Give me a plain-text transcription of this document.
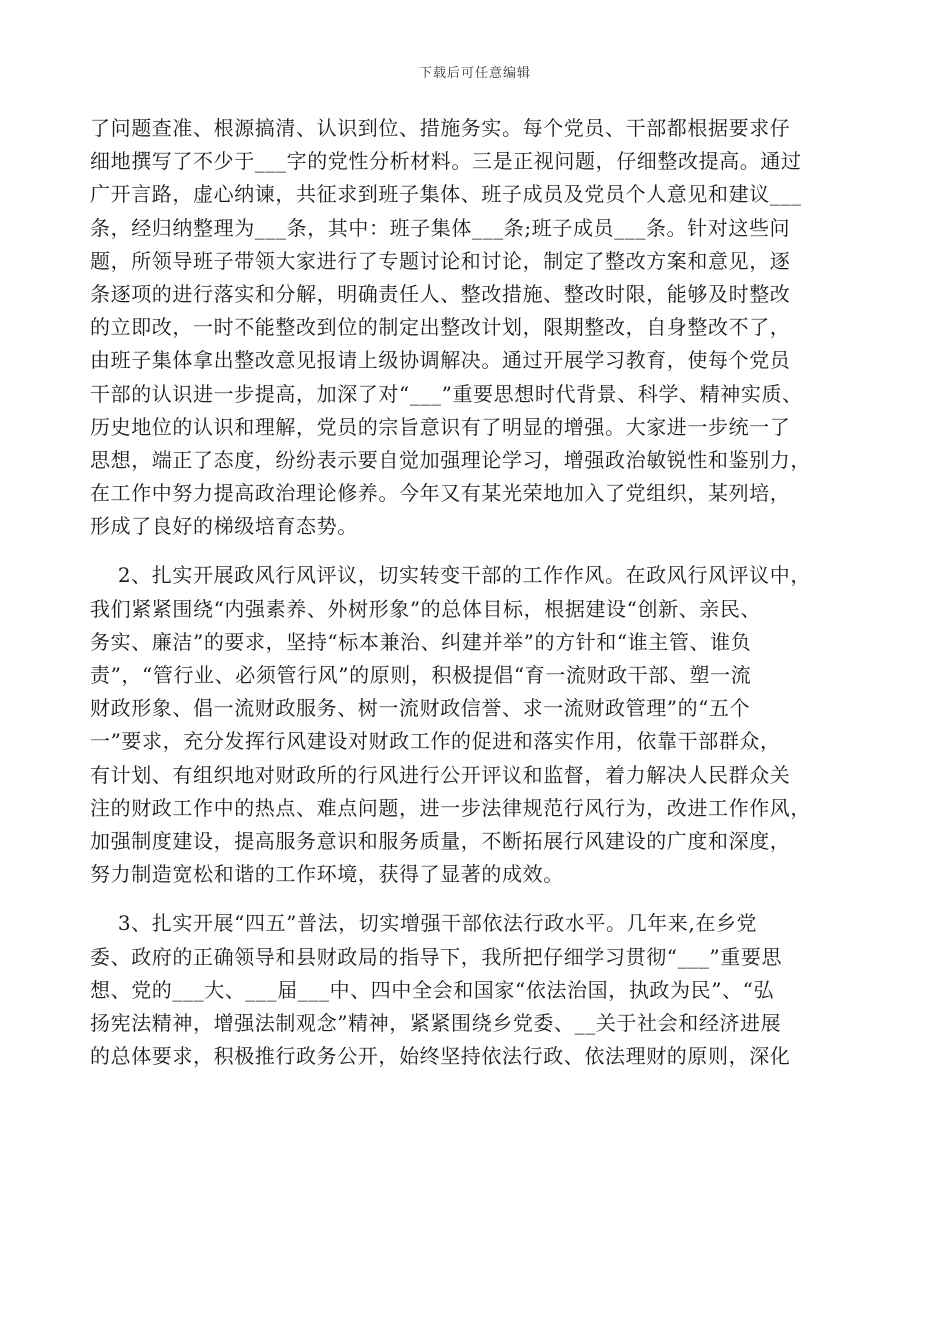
下载后可任意编辑
了问题查准、根源搞清、认识到位、措施务实。每个党员、干部都根据要求仔
细地撰写了不少于___字的党性分析材料。三是正视问题，仔细整改提高。通过
广开言路，虚心纳谏，共征求到班子集体、班子成员及党员个人意见和建议___
条，经归纳整理为___条，其中：班子集体___条;班子成员___条。针对这些问
题，所领导班子带领大家进行了专题讨论和讨论，制定了整改方案和意见，逐
条逐项的进行落实和分解，明确责任人、整改措施、整改时限，能够及时整改
的立即改，一时不能整改到位的制定出整改计划，限期整改，自身整改不了，
由班子集体拿出整改意见报请上级协调解决。通过开展学习教育，使每个党员
干部的认识进一步提高，加深了对“___”重要思想时代背景、科学、精神实质、
历史地位的认识和理解，党员的宗旨意识有了明显的增强。大家进一步统一了
思想，端正了态度，纷纷表示要自觉加强理论学习，增强政治敏锐性和鉴别力，
在工作中努力提高政治理论修养。今年又有某光荣地加入了党组织，某列培，
形成了良好的梯级培育态势。
2、扎实开展政风行风评议，切实转变干部的工作作风。在政风行风评议中，
我们紧紧围绕“内强素养、外树形象”的总体目标，根据建设“创新、亲民、
务实、廉洁”的要求，坚持“标本兼治、纠建并举”的方针和“谁主管、谁负
责”，“管行业、必须管行风”的原则，积极提倡“育一流财政干部、塑一流
财政形象、倡一流财政服务、树一流财政信誉、求一流财政管理”的“五个
一”要求，充分发挥行风建设对财政工作的促进和落实作用，依靠干部群众，
有计划、有组织地对财政所的行风进行公开评议和监督，着力解决人民群众关
注的财政工作中的热点、难点问题，进一步法律规范行风行为，改进工作作风，
加强制度建设，提高服务意识和服务质量，不断拓展行风建设的广度和深度，
努力制造宽松和谐的工作环境，获得了显著的成效。
3、扎实开展“四五”普法，切实增强干部依法行政水平。几年来,在乡党
委、政府的正确领导和县财政局的指导下，我所把仔细学习贯彻“___”重要思
想、党的___大、___届___中、四中全会和国家“依法治国，执政为民”、“弘
扬宪法精神，增强法制观念”精神，紧紧围绕乡党委、__关于社会和经济进展
的总体要求，积极推行政务公开，始终坚持依法行政、依法理财的原则，深化
